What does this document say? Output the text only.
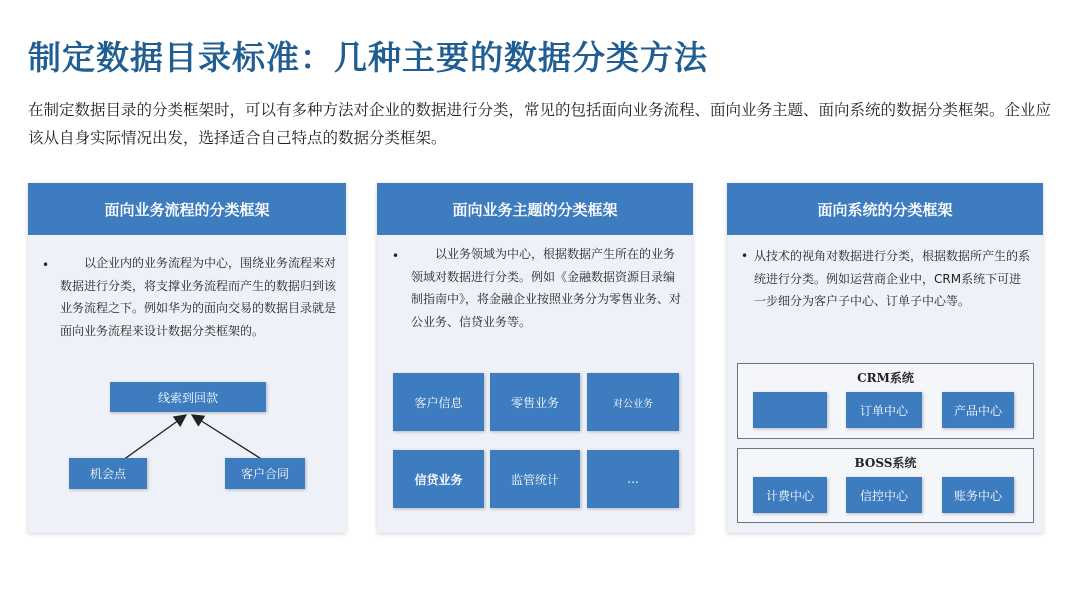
制定数据目录标准：几种主要的数据分类方法
在制定数据目录的分类框架时，可以有多种方法对企业的数据进行分类，常见的包括面向业务流程、面向业务主题、面向系统的数据分类框架。企业应该从自身实际情况出发，选择适合自己特点的数据分类框架。
面向业务流程的分类框架
•	以企业内的业务流程为中心，围绕业务流程来对数据进行分类，将支撑业务流程而产生的数据归到该业务流程之下。例如华为的面向交易的数据目录就是面向业务流程来设计数据分类框架的。
线索到回款
机会点	客户合同
面向业务主题的分类框架
•	以业务领域为中心，根据数据产生所在的业务领域对数据进行分类。例如《金融数据资源目录编制指南中》，将金融企业按照业务分为零售业务、对公业务、信贷业务等。
客户信息	零售业务	对公业务
信贷业务	监管统计	...
面向系统的分类框架
• 从技术的视角对数据进行分类，根据数据所产生的系统进行分类。例如运营商企业中，CRM系统下可进一步细分为客户子中心、订单子中心等。
CRM系统
客户中心	订单中心	产品中心
BOSS系统
计费中心	信控中心	账务中心
